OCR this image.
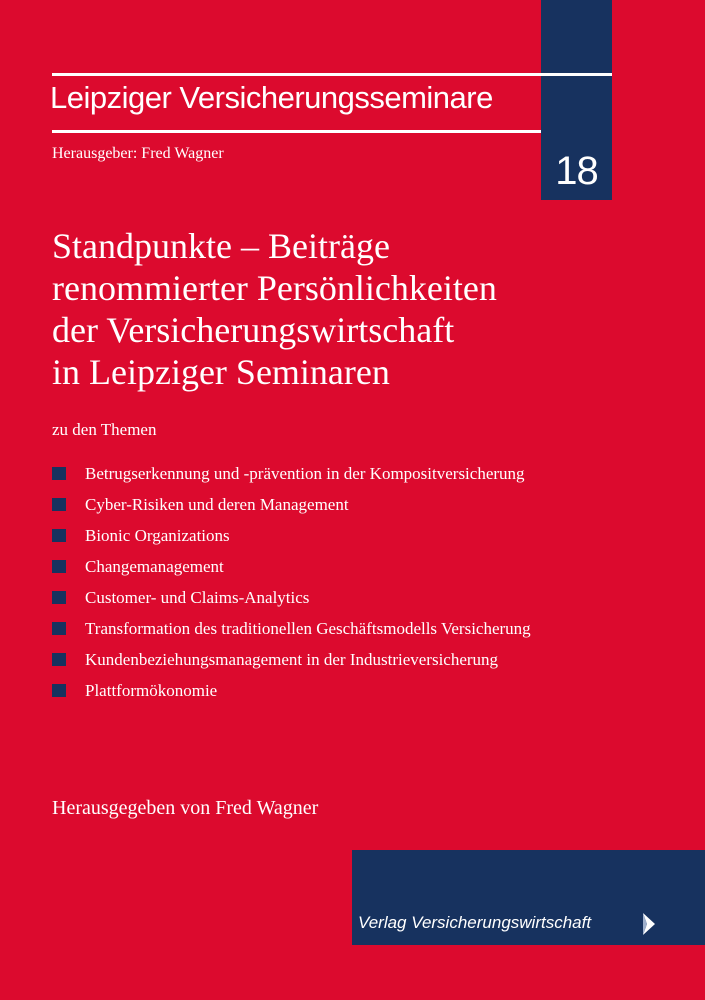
18
Leipziger Versicherungsseminare
Herausgeber: Fred Wagner
Standpunkte – Beiträge
renommierter Persönlichkeiten
der Versicherungswirtschaft
in Leipziger Seminaren
zu den Themen
Betrugserkennung und -prävention in der Kompositversicherung
Cyber-Risiken und deren Management
Bionic Organizations
Changemanagement
Customer- und Claims-Analytics
Transformation des traditionellen Geschäftsmodells Versicherung
Kundenbeziehungsmanagement in der Industrieversicherung
Plattformökonomie
Herausgegeben von Fred Wagner
Verlag Versicherungswirtschaft
